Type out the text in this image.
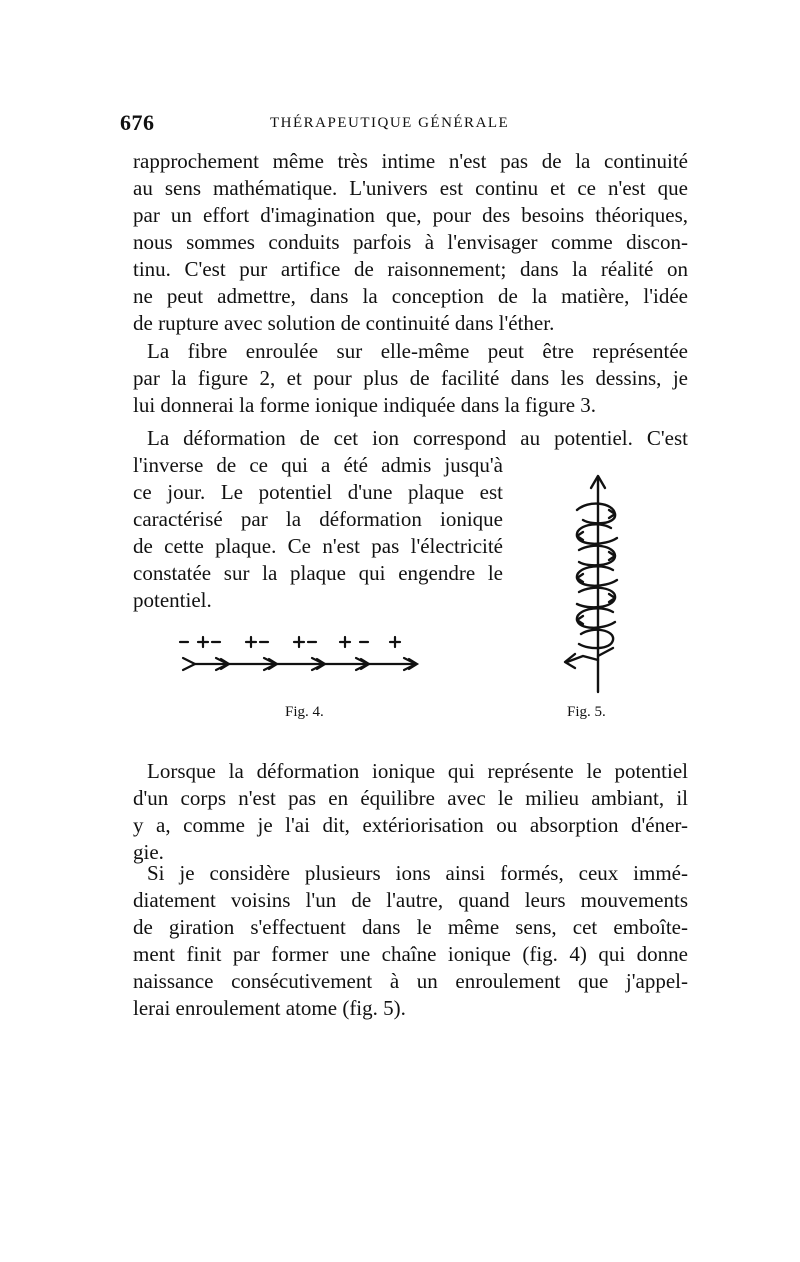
676	THÉRAPEUTIQUE GÉNÉRALE
rapprochement même très intime n'est pas de la continuité
au sens mathématique. L'univers est continu et ce n'est que
par un effort d'imagination que, pour des besoins théoriques,
nous sommes conduits parfois à l'envisager comme discon-
tinu. C'est pur artifice de raisonnement; dans la réalité on
ne peut admettre, dans la conception de la matière, l'idée
de rupture avec solution de continuité dans l'éther.
La fibre enroulée sur elle-même peut être représentée
par la figure 2, et pour plus de facilité dans les dessins, je
lui donnerai la forme ionique indiquée dans la figure 3.
La déformation de cet ion correspond au potentiel. C'est
l'inverse de ce qui a été admis jusqu'à
ce jour. Le potentiel d'une plaque est
caractérisé par la déformation ionique
de cette plaque. Ce n'est pas l'électricité
constatée sur la plaque qui engendre le
potentiel.
Fig. 4.	Fig. 5.
Lorsque la déformation ionique qui représente le potentiel
d'un corps n'est pas en équilibre avec le milieu ambiant, il
y a, comme je l'ai dit, extériorisation ou absorption d'éner-
gie.
Si je considère plusieurs ions ainsi formés, ceux immé-
diatement voisins l'un de l'autre, quand leurs mouvements
de giration s'effectuent dans le même sens, cet emboîte-
ment finit par former une chaîne ionique (fig. 4) qui donne
naissance consécutivement à un enroulement que j'appel-
lerai enroulement atome (fig. 5).
